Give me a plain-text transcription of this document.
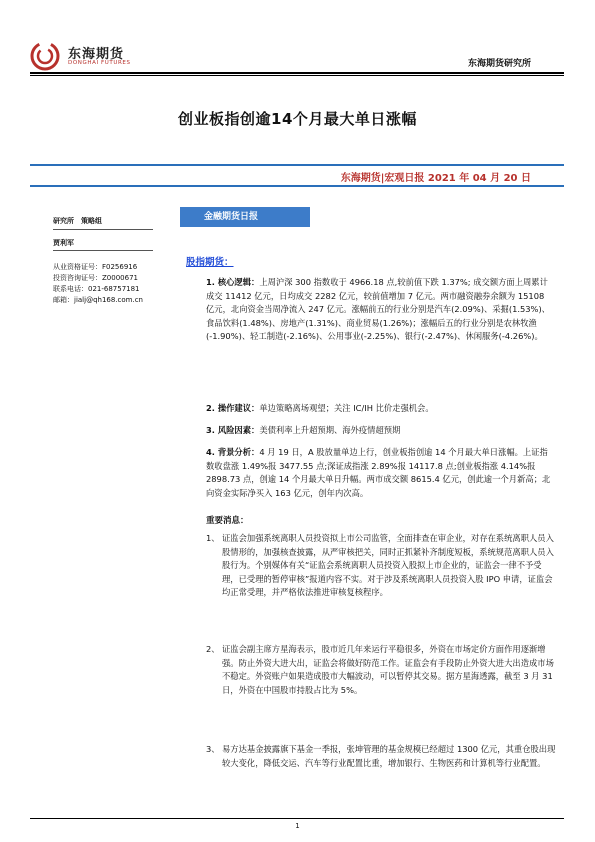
东海期货
DONGHAI FUTURES	东海期货研究所
创业板指创逾14个月最大单日涨幅
东海期货|宏观日报 2021 年 04 月 20 日
金融期货日报
研究所　策略组
贾利军
从业资格证号：F0256916
投资咨询证号：Z0000671
联系电话：021-68757181
邮箱：jialj@qh168.com.cn
股指期货：
1. 核心逻辑：上周沪深 300 指数收于 4966.18 点,较前值下跌 1.37%; 成交额方面上周累计成交 11412 亿元，日均成交 2282 亿元，较前值增加 7 亿元。两市融资融券余额为 15108 亿元，北向资金当周净流入 247 亿元。涨幅前五的行业分别是汽车(2.09%)、采掘(1.53%)、食品饮料(1.48%)、房地产(1.31%)、商业贸易(1.26%)；涨幅后五的行业分别是农林牧渔(-1.90%)、轻工制造(-2.16%)、公用事业(-2.25%)、银行(-2.47%)、休闲服务(-4.26%)。
2. 操作建议：单边策略离场观望；关注 IC/IH 比价走强机会。
3. 风险因素：美债利率上升超预期、海外疫情超预期
4. 背景分析：4 月 19 日，A 股放量单边上行，创业板指创逾 14 个月最大单日涨幅。上证指数收盘涨 1.49%报 3477.55 点;深证成指涨 2.89%报 14117.8 点;创业板指涨 4.14%报 2898.73 点，创逾 14 个月最大单日升幅。两市成交额 8615.4 亿元，创此逾一个月新高；北向资金实际净买入 163 亿元，创年内次高。
重要消息：
1、 证监会加强系统离职人员投资拟上市公司监管，全面排查在审企业，对存在系统离职人员入股情形的，加强核查披露，从严审核把关，同时正抓紧补齐制度短板，系统规范离职人员入股行为。个别媒体有关“证监会系统离职人员投资入股拟上市企业的，证监会一律不予受理，已受理的暂停审核”报道内容不实。对于涉及系统离职人员投资入股 IPO 申请，证监会均正常受理，并严格依法推进审核复核程序。
2、 证监会副主席方星海表示，股市近几年来运行平稳很多，外资在市场定价方面作用逐渐增强。防止外资大进大出，证监会将做好防范工作。证监会有手段防止外资大进大出造成市场不稳定。外资账户如果造成股市大幅波动，可以暂停其交易。据方星海透露，截至 3 月 31 日，外资在中国股市持股占比为 5%。
3、 易方达基金披露旗下基金一季报，张坤管理的基金规模已经超过 1300 亿元，其重仓股出现较大变化，降低交运、汽车等行业配置比重，增加银行、生物医药和计算机等行业配置。
1
